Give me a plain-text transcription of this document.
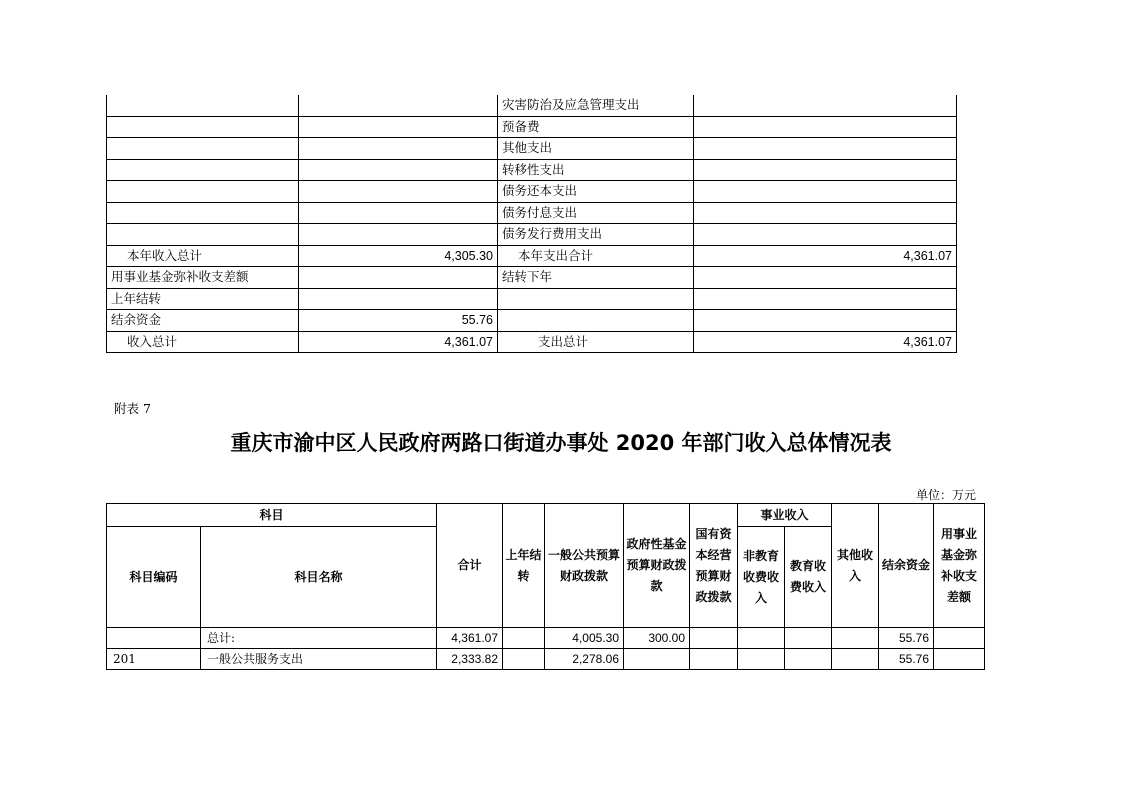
		灾害防治及应急管理支出	
		预备费	
		其他支出	
		转移性支出	
		债务还本支出	
		债务付息支出	
		债务发行费用支出	
本年收入总计	4,305.30	本年支出合计	4,361.07
用事业基金弥补收支差额		结转下年	
上年结转			
结余资金	55.76		
收入总计	4,361.07	支出总计	4,361.07
附表 7
重庆市渝中区人民政府两路口街道办事处 2020 年部门收入总体情况表
单位：万元
科目		合计	上年结转	一般公共预算财政拨款	政府性基金预算财政拨款	国有资本经营预算财政拨款	事业收入		其他收入	结余资金	用事业基金弥补收支差额
科目编码	科目名称						非教育收费收入	教育收费收入			
	总计:	4,361.07		4,005.30	300.00					55.76	
201	一般公共服务支出	2,333.82		2,278.06						55.76	
